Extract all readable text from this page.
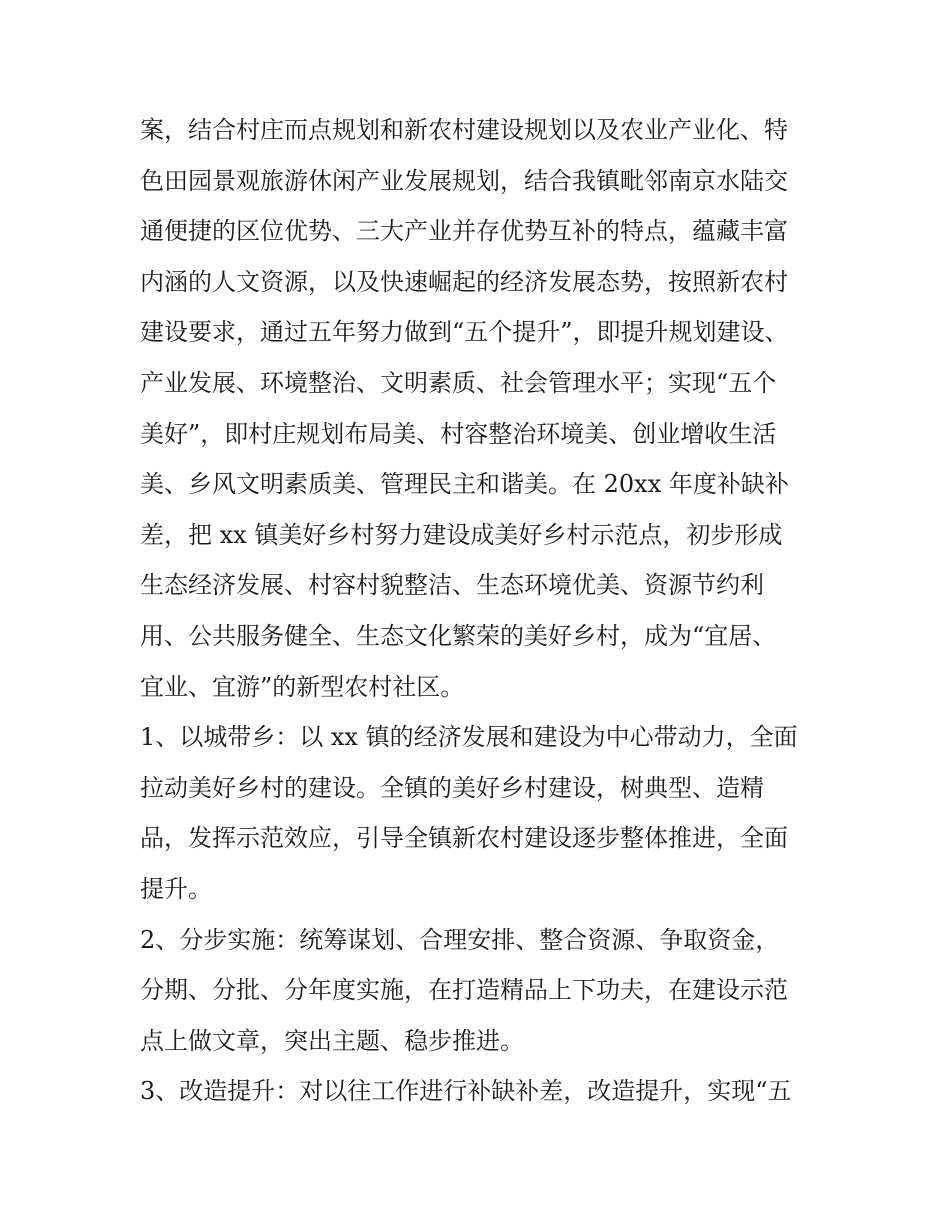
案，结合村庄而点规划和新农村建设规划以及农业产业化、特
色田园景观旅游休闲产业发展规划，结合我镇毗邻南京水陆交
通便捷的区位优势、三大产业并存优势互补的特点，蕴藏丰富
内涵的人文资源，以及快速崛起的经济发展态势，按照新农村
建设要求，通过五年努力做到“五个提升”，即提升规划建设、
产业发展、环境整治、文明素质、社会管理水平；实现“五个
美好”，即村庄规划布局美、村容整治环境美、创业增收生活
美、乡风文明素质美、管理民主和谐美。在 20xx 年度补缺补
差，把 xx 镇美好乡村努力建设成美好乡村示范点，初步形成
生态经济发展、村容村貌整洁、生态环境优美、资源节约利
用、公共服务健全、生态文化繁荣的美好乡村，成为“宜居、
宜业、宜游”的新型农村社区。
1、以城带乡：以 xx 镇的经济发展和建设为中心带动力，全面
拉动美好乡村的建设。全镇的美好乡村建设，树典型、造精
品，发挥示范效应，引导全镇新农村建设逐步整体推进，全面
提升。
2、分步实施：统筹谋划、合理安排、整合资源、争取资金，
分期、分批、分年度实施，在打造精品上下功夫，在建设示范
点上做文章，突出主题、稳步推进。
3、改造提升：对以往工作进行补缺补差，改造提升，实现“五
